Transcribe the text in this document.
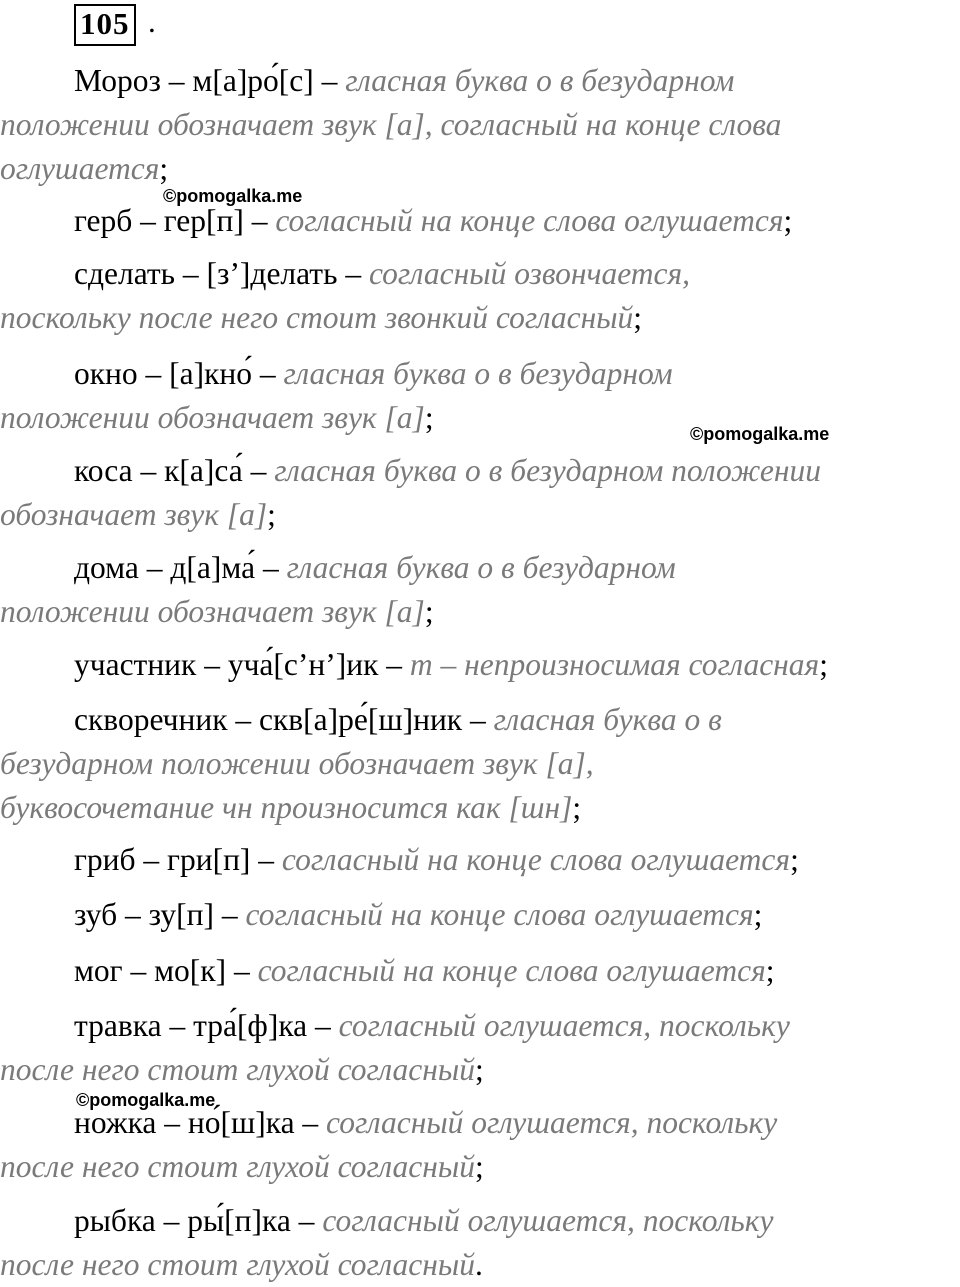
105 .
Мороз – м[а]ро́[с] – гласная буква о в безударном
положении обозначает звук [а], согласный на конце слова
оглушается;
©pomogalka.me
герб – гер[п] – согласный на конце слова оглушается;
сделать – [з’]делать – согласный озвончается,
поскольку после него стоит звонкий согласный;
окно – [а]кно́ – гласная буква о в безударном
положении обозначает звук [а];	©pomogalka.me
коса – к[а]са́ – гласная буква о в безударном положении
обозначает звук [а];
дома – д[а]ма́ – гласная буква о в безударном
положении обозначает звук [а];
участник – уча́[с’н’]ик – т – непроизносимая согласная;
скворечник – скв[а]ре́[ш]ник – гласная буква о в
безударном положении обозначает звук [а],
буквосочетание чн произносится как [шн];
гриб – гри[п] – согласный на конце слова оглушается;
зуб – зу[п] – согласный на конце слова оглушается;
мог – мо[к] – согласный на конце слова оглушается;
травка – тра́[ф]ка – согласный оглушается, поскольку
после него стоит глухой согласный;
©pomogalka.me
ножка – но́[ш]ка – согласный оглушается, поскольку
после него стоит глухой согласный;
рыбка – ры́[п]ка – согласный оглушается, поскольку
после него стоит глухой согласный.
